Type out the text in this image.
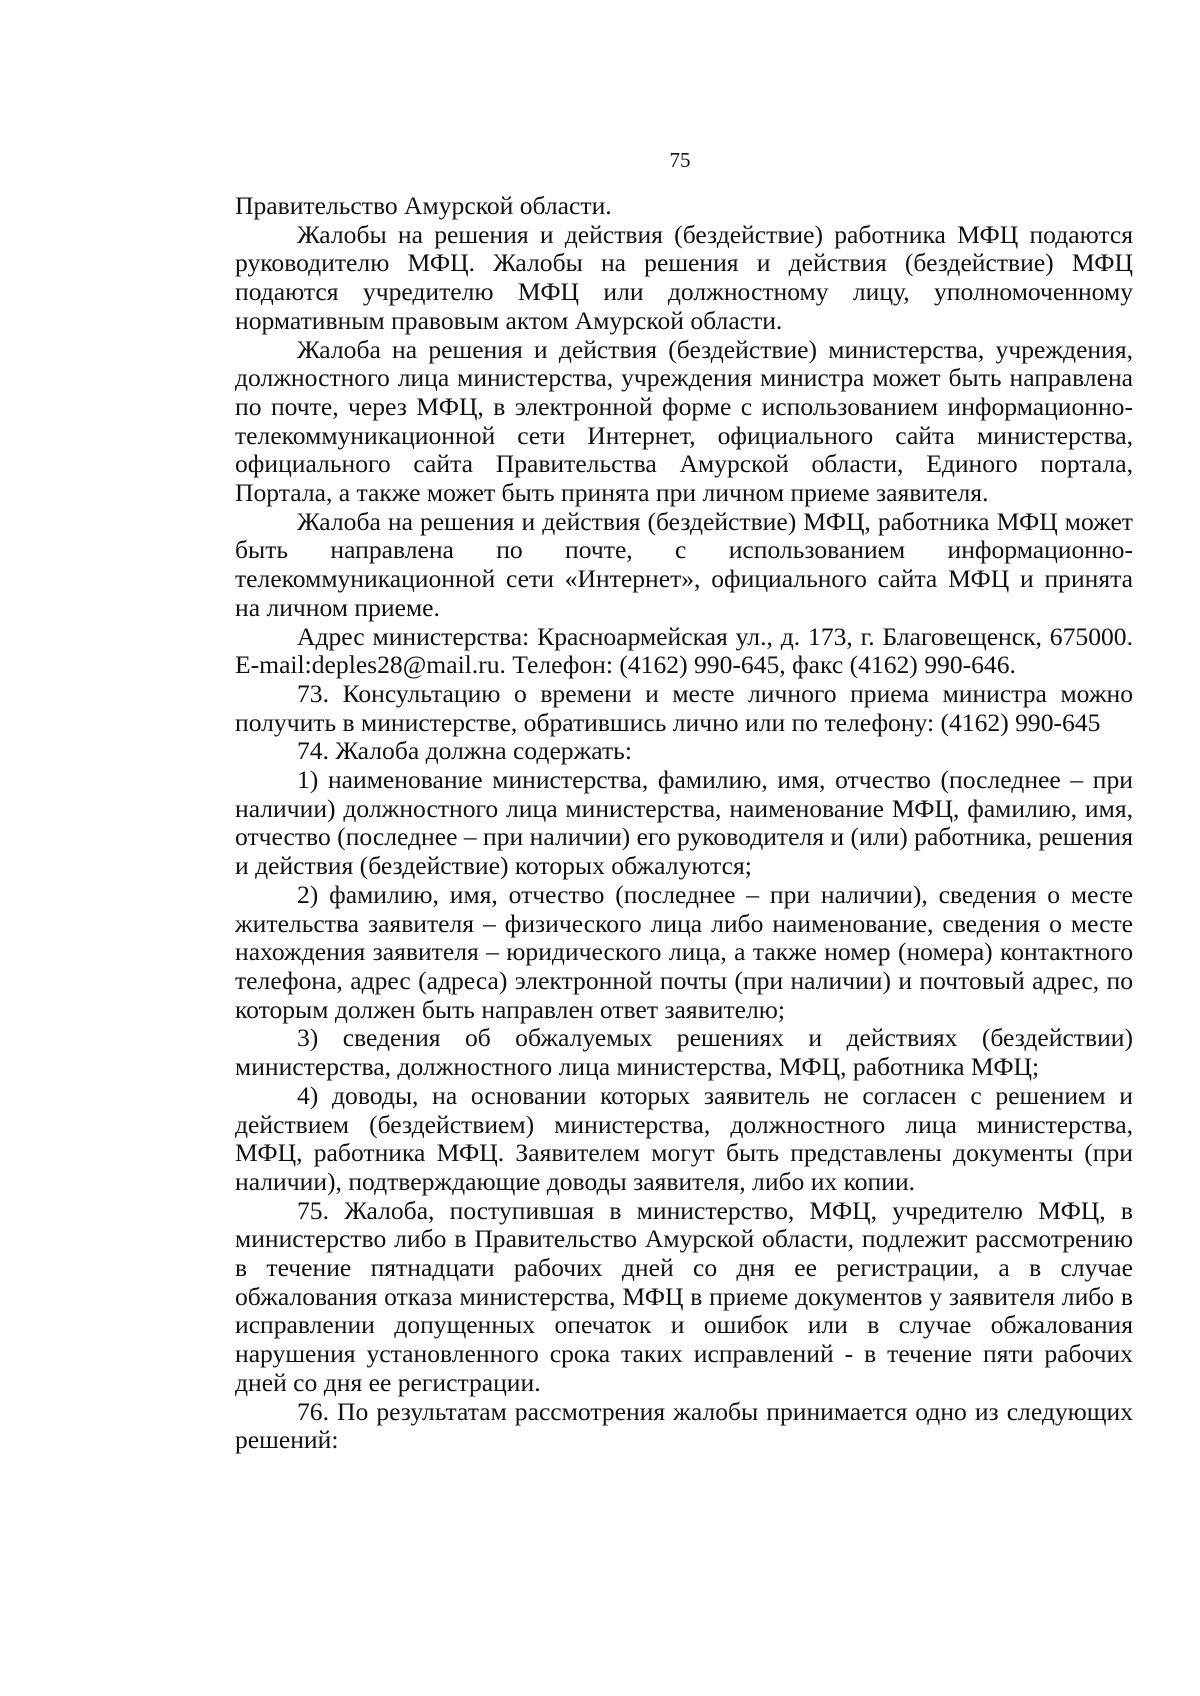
75

Правительство Амурской области.

Жалобы на решения и действия (бездействие) работника МФЦ подаются руководителю МФЦ. Жалобы на решения и действия (бездействие) МФЦ подаются учредителю МФЦ или должностному лицу, уполномоченному нормативным правовым актом Амурской области.

Жалоба на решения и действия (бездействие) министерства, учреждения, должностного лица министерства, учреждения министра может быть направлена по почте, через МФЦ, в электронной форме с использованием информационно-телекоммуникационной сети Интернет, официального сайта министерства, официального сайта Правительства Амурской области, Единого портала, Портала, а также может быть принята при личном приеме заявителя.

Жалоба на решения и действия (бездействие) МФЦ, работника МФЦ может быть направлена по почте, с использованием информационно-телекоммуникационной сети «Интернет», официального сайта МФЦ и принята на личном приеме.

Адрес министерства: Красноармейская ул., д. 173, г. Благовещенск, 675000. E-mail:deples28@mail.ru. Телефон: (4162) 990-645, факс (4162) 990-646.

73. Консультацию о времени и месте личного приема министра можно получить в министерстве, обратившись лично или по телефону: (4162) 990-645

74. Жалоба должна содержать:

1) наименование министерства, фамилию, имя, отчество (последнее – при наличии) должностного лица министерства, наименование МФЦ, фамилию, имя, отчество (последнее – при наличии) его руководителя и (или) работника, решения и действия (бездействие) которых обжалуются;

2) фамилию, имя, отчество (последнее – при наличии), сведения о месте жительства заявителя – физического лица либо наименование, сведения о месте нахождения заявителя – юридического лица, а также номер (номера) контактного телефона, адрес (адреса) электронной почты (при наличии) и почтовый адрес, по которым должен быть направлен ответ заявителю;

3) сведения об обжалуемых решениях и действиях (бездействии) министерства, должностного лица министерства, МФЦ, работника МФЦ;

4) доводы, на основании которых заявитель не согласен с решением и действием (бездействием) министерства, должностного лица министерства, МФЦ, работника МФЦ. Заявителем могут быть представлены документы (при наличии), подтверждающие доводы заявителя, либо их копии.

75. Жалоба, поступившая в министерство, МФЦ, учредителю МФЦ, в министерство либо в Правительство Амурской области, подлежит рассмотрению в течение пятнадцати рабочих дней со дня ее регистрации, а в случае обжалования отказа министерства, МФЦ в приеме документов у заявителя либо в исправлении допущенных опечаток и ошибок или в случае обжалования нарушения установленного срока таких исправлений - в течение пяти рабочих дней со дня ее регистрации.

76. По результатам рассмотрения жалобы принимается одно из следующих решений:
